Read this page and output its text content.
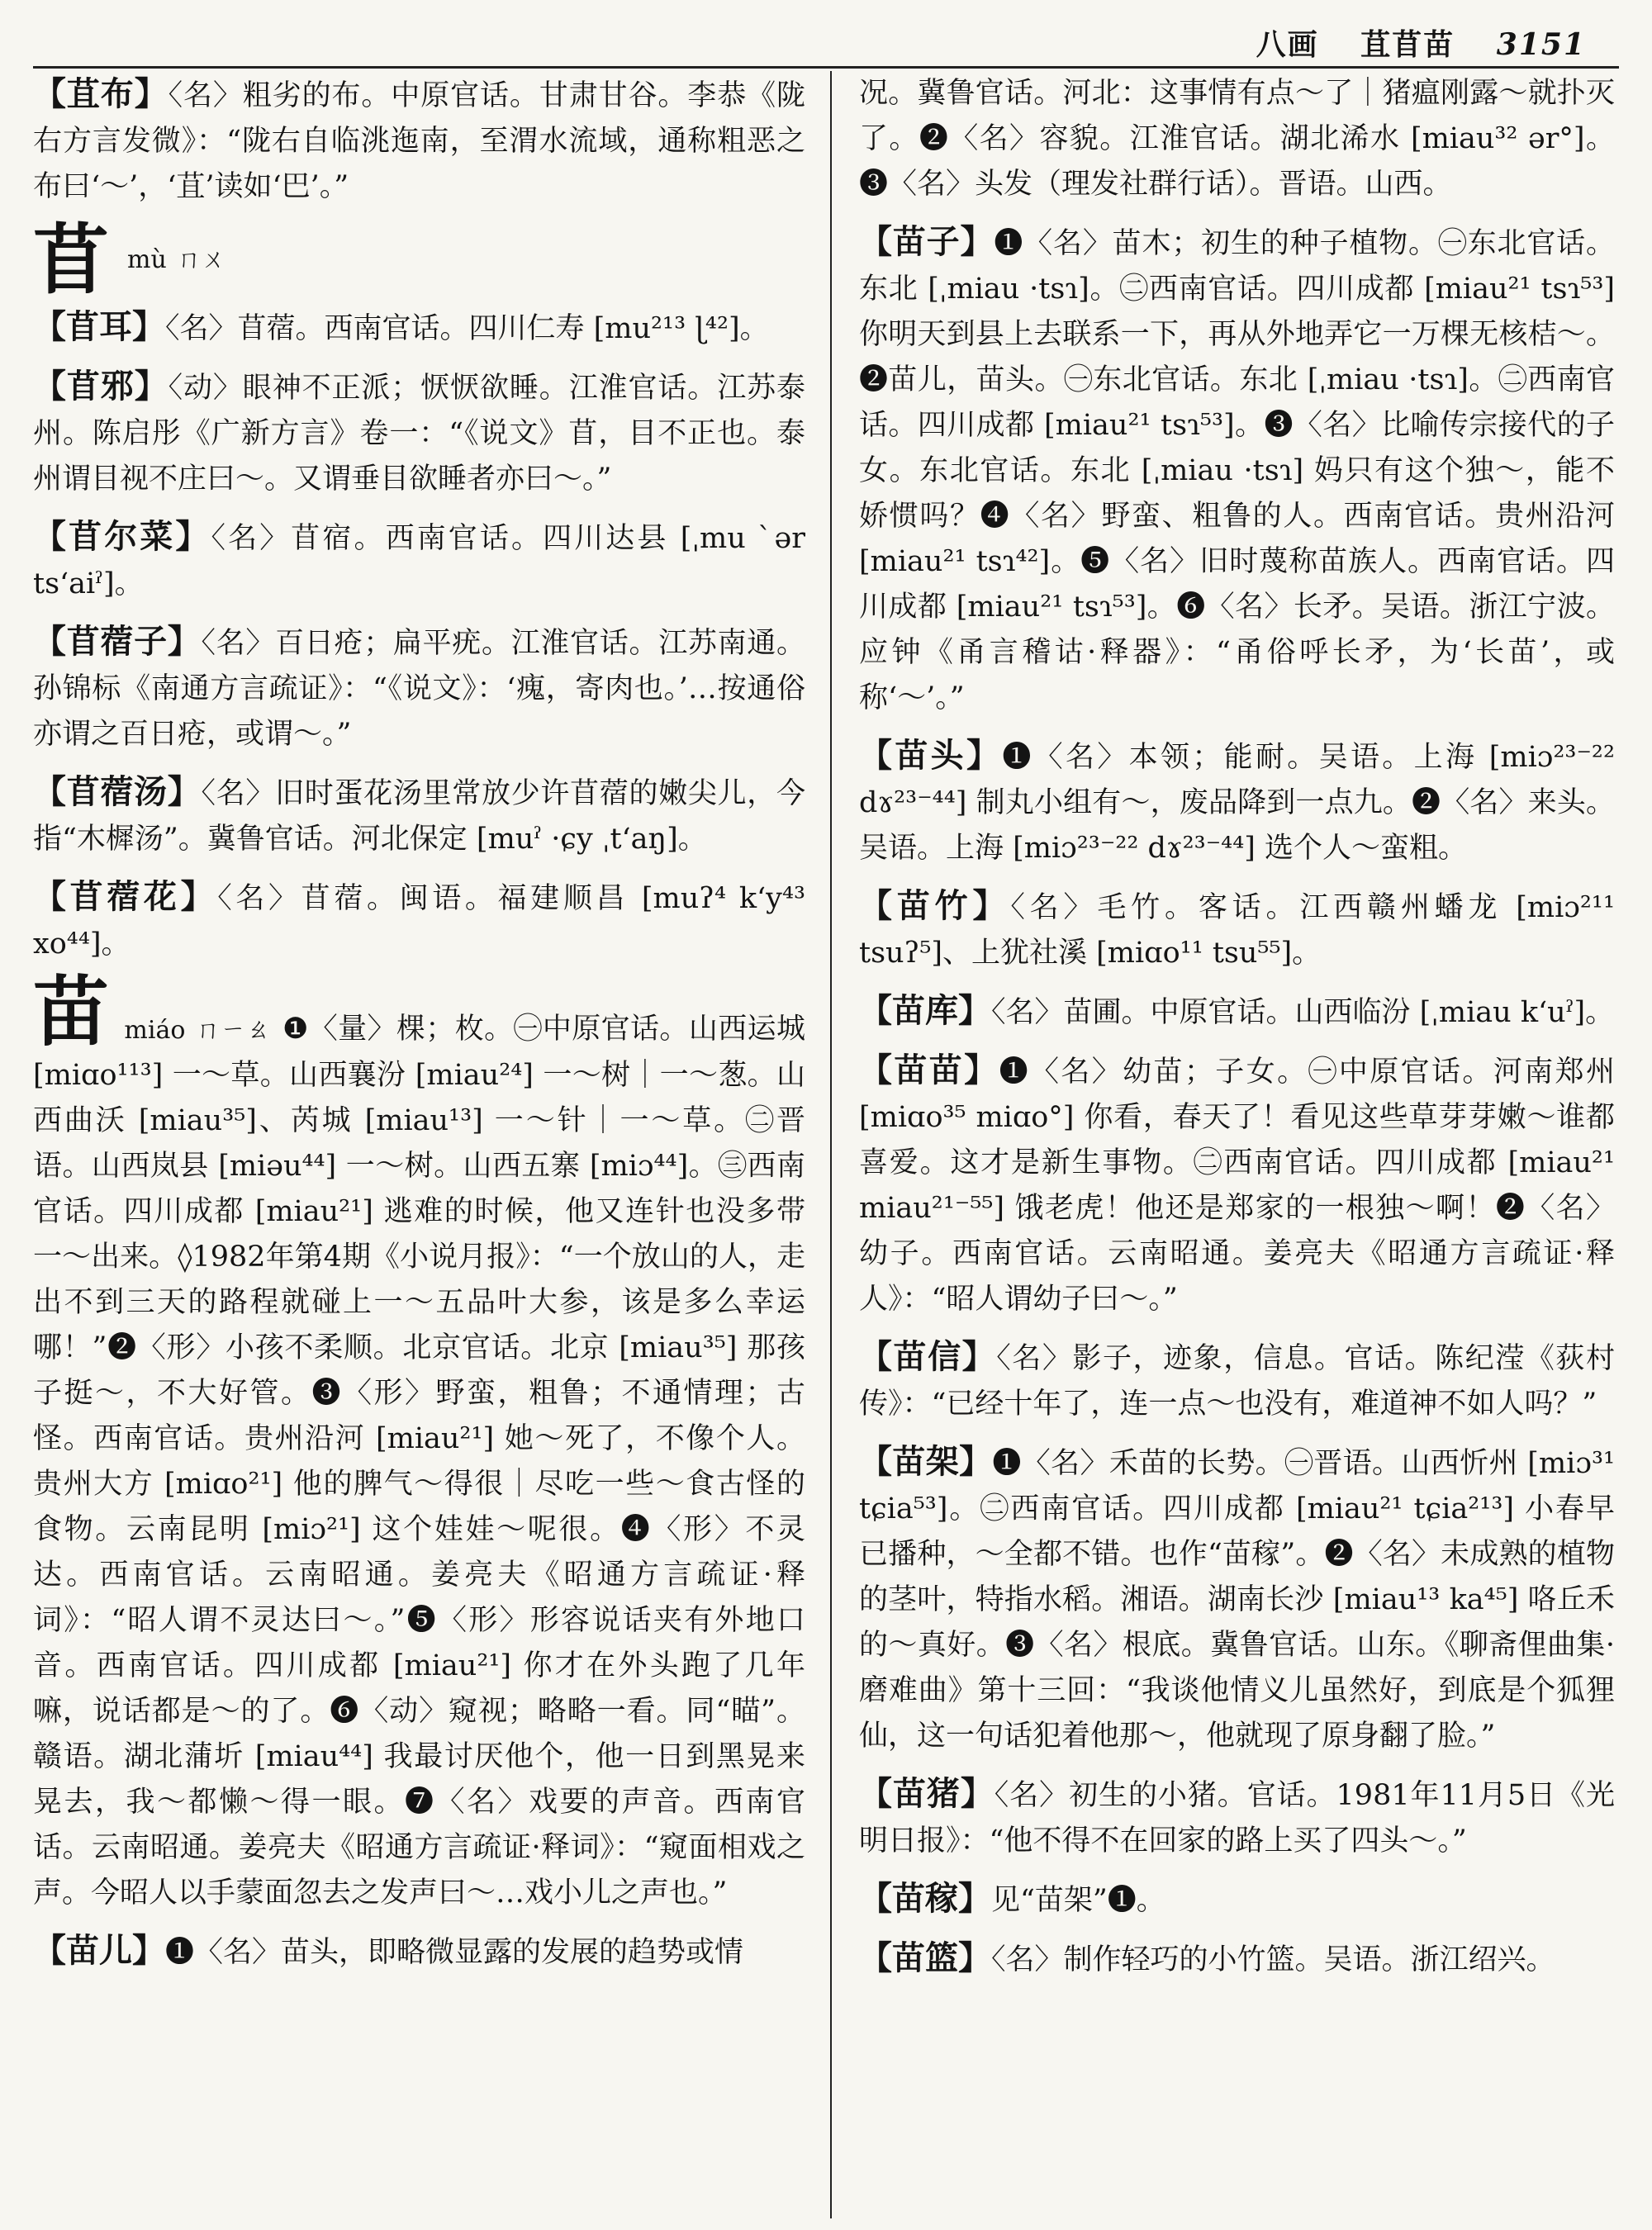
八画 苴苜苗 3151
【苴布】〈名〉粗劣的布。中原官话。甘肃甘谷。李恭《陇右方言发微》：“陇右自临洮迤南，至渭水流域，通称粗恶之布曰‘～’，‘苴’读如‘巴’。”
苜mù ㄇㄨ
【苜耳】〈名〉苜蓿。西南官话。四川仁寿 [mu²¹³ ɭ⁴²]。
【苜邪】〈动〉眼神不正派；恹恹欲睡。江淮官话。江苏泰州。陈启彤《广新方言》卷一：“《说文》苜，目不正也。泰州谓目视不庄曰～。又谓垂目欲睡者亦曰～。”
【苜尔菜】〈名〉苜宿。西南官话。四川达县 [ˌmu ˋər tsʻaiˀ]。
【苜蓿子】〈名〉百日疮；扁平疣。江淮官话。江苏南通。孙锦标《南通方言疏证》：“《说文》：‘瘣，寄肉也。’…按通俗亦谓之百日疮，或谓～。”
【苜蓿汤】〈名〉旧时蛋花汤里常放少许苜蓿的嫩尖儿，今指“木樨汤”。冀鲁官话。河北保定 [muˀ ·ɕy ˌtʻaŋ]。
【苜蓿花】〈名〉苜蓿。闽语。福建顺昌 [muʔ⁴ kʻy⁴³ xo⁴⁴]。
苗miáo ㄇㄧㄠ ❶〈量〉棵；枚。㊀中原官话。山西运城 [miɑo¹¹³] 一～草。山西襄汾 [miau²⁴] 一～树｜一～葱。山西曲沃 [miau³⁵]、芮城 [miau¹³] 一～针｜一～草。㊁晋语。山西岚县 [miəu⁴⁴] 一～树。山西五寨 [miɔ⁴⁴]。㊂西南官话。四川成都 [miau²¹] 逃难的时候，他又连针也没多带一～出来。◊1982年第4期《小说月报》：“一个放山的人，走出不到三天的路程就碰上一～五品叶大参，该是多么幸运哪！”❷〈形〉小孩不柔顺。北京官话。北京 [miau³⁵] 那孩子挺～，不大好管。❸〈形〉野蛮，粗鲁；不通情理；古怪。西南官话。贵州沿河 [miau²¹] 她～死了，不像个人。贵州大方 [miɑo²¹] 他的脾气～得很｜尽吃一些～食古怪的食物。云南昆明 [miɔ²¹] 这个娃娃～呢很。❹〈形〉不灵达。西南官话。云南昭通。姜亮夫《昭通方言疏证·释词》：“昭人谓不灵达曰～。”❺〈形〉形容说话夹有外地口音。西南官话。四川成都 [miau²¹] 你才在外头跑了几年嘛，说话都是～的了。❻〈动〉窥视；略略一看。同“瞄”。赣语。湖北蒲圻 [miau⁴⁴] 我最讨厌他个，他一日到黑晃来晃去，我～都懒～得一眼。❼〈名〉戏要的声音。西南官话。云南昭通。姜亮夫《昭通方言疏证·释词》：“窥面相戏之声。今昭人以手蒙面忽去之发声曰～…戏小儿之声也。”
【苗儿】❶〈名〉苗头，即略微显露的发展的趋势或情
况。冀鲁官话。河北：这事情有点～了｜猪瘟刚露～就扑灭了。❷〈名〉容貌。江淮官话。湖北浠水 [miau³² ər°]。❸〈名〉头发（理发社群行话）。晋语。山西。
【苗子】❶〈名〉苗木；初生的种子植物。㊀东北官话。东北 [ˌmiau ·tsɿ]。㊁西南官话。四川成都 [miau²¹ tsɿ⁵³] 你明天到县上去联系一下，再从外地弄它一万棵无核桔～。❷苗儿，苗头。㊀东北官话。东北 [ˌmiau ·tsɿ]。㊁西南官话。四川成都 [miau²¹ tsɿ⁵³]。❸〈名〉比喻传宗接代的子女。东北官话。东北 [ˌmiau ·tsɿ] 妈只有这个独～，能不娇惯吗？❹〈名〉野蛮、粗鲁的人。西南官话。贵州沿河 [miau²¹ tsɿ⁴²]。❺〈名〉旧时蔑称苗族人。西南官话。四川成都 [miau²¹ tsɿ⁵³]。❻〈名〉长矛。吴语。浙江宁波。应钟《甬言稽诂·释器》：“甬俗呼长矛，为‘长苗’，或称‘～’。”
【苗头】❶〈名〉本领；能耐。吴语。上海 [miɔ²³⁻²² dɤ²³⁻⁴⁴] 制丸小组有～，废品降到一点九。❷〈名〉来头。吴语。上海 [miɔ²³⁻²² dɤ²³⁻⁴⁴] 选个人～蛮粗。
【苗竹】〈名〉毛竹。客话。江西赣州蟠龙 [miɔ²¹¹ tsuʔ⁵]、上犹社溪 [miɑo¹¹ tsu⁵⁵]。
【苗库】〈名〉苗圃。中原官话。山西临汾 [ˌmiau kʻuˀ]。
【苗苗】❶〈名〉幼苗；子女。㊀中原官话。河南郑州 [miɑo³⁵ miɑo°] 你看，春天了！看见这些草芽芽嫩～谁都喜爱。这才是新生事物。㊁西南官话。四川成都 [miau²¹ miau²¹⁻⁵⁵] 饿老虎！他还是郑家的一根独～啊！❷〈名〉幼子。西南官话。云南昭通。姜亮夫《昭通方言疏证·释人》：“昭人谓幼子曰～。”
【苗信】〈名〉影子，迹象，信息。官话。陈纪滢《荻村传》：“已经十年了，连一点～也没有，难道神不如人吗？”
【苗架】❶〈名〉禾苗的长势。㊀晋语。山西忻州 [miɔ³¹ tɕia⁵³]。㊁西南官话。四川成都 [miau²¹ tɕia²¹³] 小春早已播种，～全都不错。也作“苗稼”。❷〈名〉未成熟的植物的茎叶，特指水稻。湘语。湖南长沙 [miau¹³ ka⁴⁵] 咯丘禾的～真好。❸〈名〉根底。冀鲁官话。山东。《聊斋俚曲集·磨难曲》第十三回：“我谈他情义儿虽然好，到底是个狐狸仙，这一句话犯着他那～，他就现了原身翻了脸。”
【苗猪】〈名〉初生的小猪。官话。1981年11月5日《光明日报》：“他不得不在回家的路上买了四头～。”
【苗稼】见“苗架”❶。
【苗篮】〈名〉制作轻巧的小竹篮。吴语。浙江绍兴。
